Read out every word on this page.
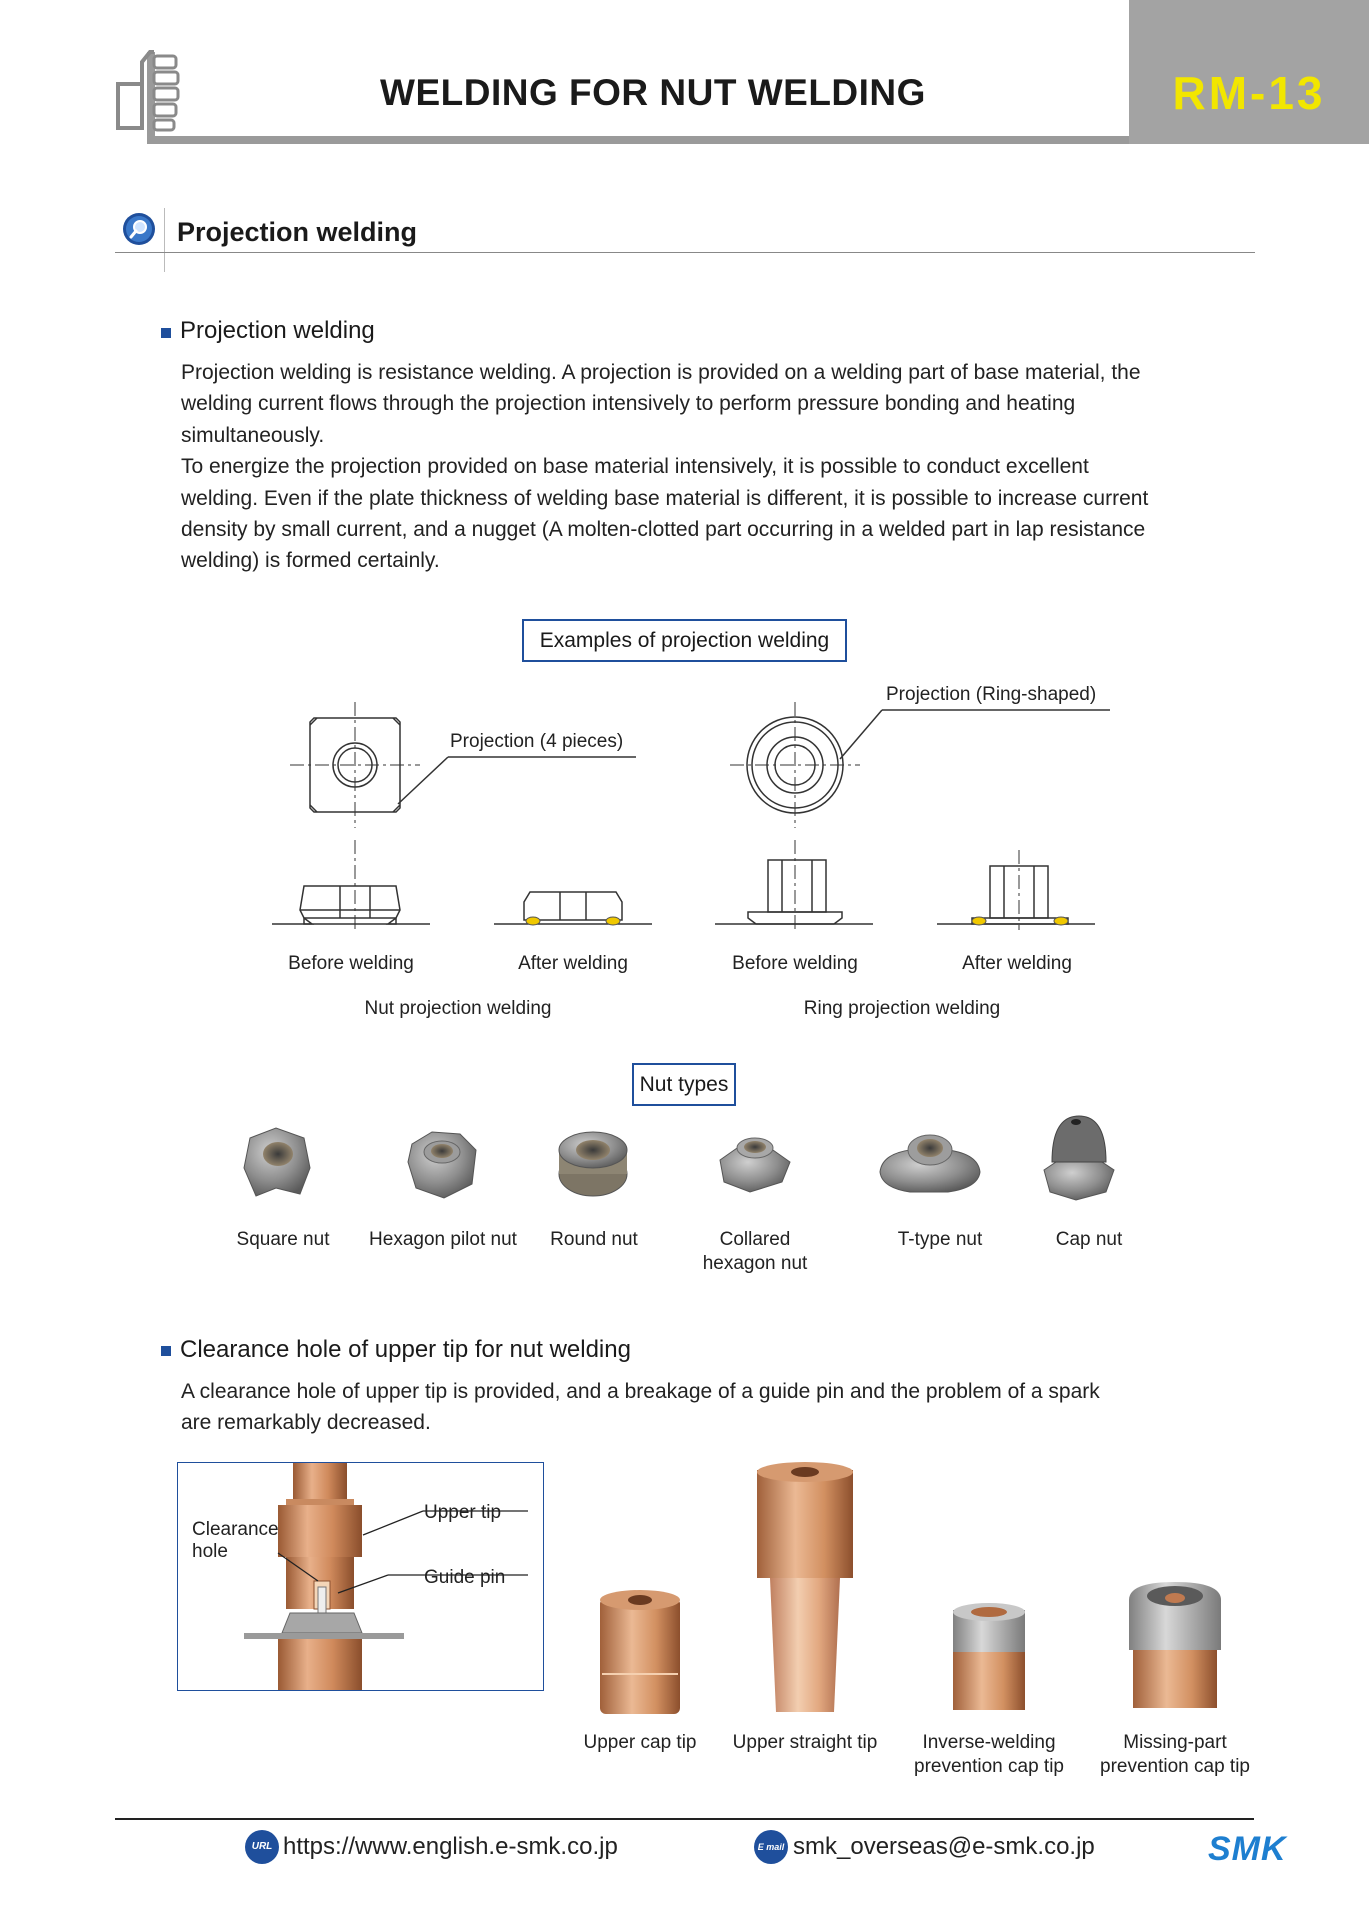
WELDING FOR NUT WELDING	RM-13
Projection welding
Projection welding
Projection welding is resistance welding. A projection is provided on a welding part of base material, the
welding current flows through the projection intensively to perform pressure bonding and heating
simultaneously.
To energize the projection provided on base material intensively, it is possible to conduct excellent
welding. Even if the plate thickness of welding base material is different, it is possible to increase current
density by small current, and a nugget (A molten-clotted part occurring in a welded part in lap resistance
welding) is formed certainly.
Examples of projection welding
Projection (4 pieces)
Projection (Ring-shaped)
Before welding	After welding	Before welding	After welding
Nut projection welding	Ring projection welding
Nut types
Square nut	Hexagon pilot nut	Round nut	Collared
hexagon nut
T-type nut	Cap nut
Clearance hole of upper tip for nut welding
A clearance hole of upper tip is provided, and a breakage of a guide pin and the problem of a spark
are remarkably decreased.
Clearance
hole
Upper tip
Guide pin
Upper cap tip	Upper straight tip	Inverse-welding
prevention cap tip
Missing-part
prevention cap tip
URL https://www.english.e-smk.co.jp	E mail smk_overseas@e-smk.co.jp	SMK
